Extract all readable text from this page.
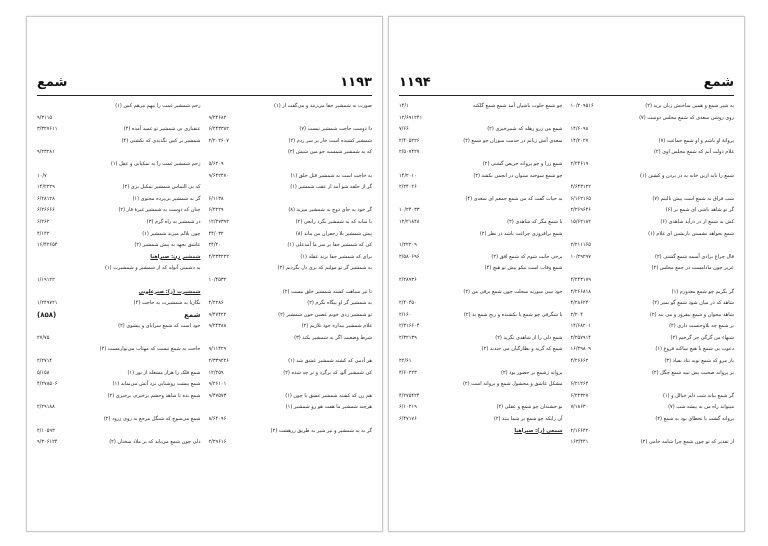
شمع	۱۱۹۳
صورت نه شمشیر جفا می‌زنند و می‌گفت از (۱)
۹/۲۴۶۸۲
دا دوست حاجت شمشیر نیست (۷)
۶/۲۴۳۳۸۲
شمشیر کشیده است خار بر سر زدم (۲)
۲/۲۰۲۶۰۷
که به شمشیر شمسیه جو مین شیش (۲)
۵/۶۲۰۹
به حاجت است به شمشیر قتل خلق (۱)
۹/۶۴۲۴۷۰
گر از حلقه شو آمد ار عقب شمشیر (۱)
۶/۱۱۳۸
گر خود به جای دوچ به شمشیر میزند (۸)
۶/۲۲۲۹
با سابه که به شمشیر بگزد رابعی (۲)
۱۲/۲۷۳۹۲
پیش شمشیر بلا زجفران من ماند (۸)
۴۴/۰۳۲
کی که شمشیر جفا بر سر ما آمدعلی (۱)
۲۴/۲۰
برای که شمشیر جفا بزند عقله (۱)
۴/۲۳۳۲۲۲
به شمشیر گر تو مولیم که بری دل بگردیم (۲)
۱۰/۴۵۳۲
تا تیر سیاهت کشته شمشیر خلق نیست (۲)
به شمشیر گر او بیگاه نگرم (۲)
۴/۲۲۸۶
تو شمشیر زدی خونم غضبن خون شمشیر (۲)
۹/۴۷۴۲۲
غلام شمشیر بیداره خود نلازیم (۲)
۹/۲۴۳۸۸
شرط وضعیت اگر به شمشیر بکند (۳)
۹/۱۱۴۲۹
هر آدمی که کشته شمشیر عشق شد (۱)
۲/۳۳۹۲۲۶
کی شمشیر آلو، که برگرد و تر چه شده (۲)
۱۲/۲۵۹
۹/۲۶۱۰۱
هم زن که کشته شمشیر غشق با چون (۱)
۹/۴۷۵۷۳
هرچند شمشیر ما هفت هو رو شمشیر (۱)
۸/۶۴۰۹۶
گر به به شمشیر و تیر شیر به طریق زرهشت (۲)
۲/۲۹۶۱۶
زخم شمشیر غمت را نپهم مرهم کس (۱)
۹/۳۱۱۵
عنقبازی بی شمشیر تو غمید آمده (۴)
۳/۳۲۷۶۱۱
شمشیر بر کس نگذیدی که نکشتی (۴)
۹/۲۳۲۸۱
زخم شمشیر غمت را به تمکیابی و عقل (۱)
۱۰/۷
که بی التماس شمشیر تمکیل بزی (۲)
۱۴/۲۲۲۹
گر نه شمشیر بی‌پرده محتوی (۱)
۶/۲۸۱۲۸
چنان که دوست به شمشیر غیرهٔ قار (۲)
۶/۲۶۶۶۶
در شمشیر به راه گرم (۳)
۶/۲۶۲
چون بلالم میزند شمشیر (۱)
۴/۱۴۲
عاشق بجهد به پیش شمشیر (۲)
۱۶/۴۲۶۵۴
شمشیر زن: صبراهیا
به دشمنی آنوله که از شمشیر و شمشیرت (۱)
۱/۱۹۱۲۲
شمشیرت (ز): صبرعلونی
نگاربا به شمشیرت به حاجت (۴)
۱/۲۴۹۷۲۱
شمع
(۸۵۸)
خود است که شمع سرایای و پیشوی (۲)
۲۷/۷۵
حاجت به شمع نیست که مهتاب می‌نوازمست (۲)
۲/۲۷۱۴
شمع فلک را هزار مشعله از نور (۱)
۵/۱۵۸
شمع پیشت روشنایی نزد آتش می‌نماید (۱)
۴/۲۷۸۵۰۶
شمع بده تا شاهد وحشم برخیزم، برخیزی (۲)
۲/۲۹۱۸۸
شمع می‌سوچ که شنگل مرجع به روی زرود (۲)
۴/۱۰۵۹۳
دلی چون شمع می‌باید که بر ملاد سختان (۲)
۹/۳۰۶۱۲۴
شمع
۱۱۹۴
به شیر شمع و همین ساختش زبان برید (۲)
۱۰/۲۰۹۵۱۶
روی روشن سعدی که شمع مجلس دوست (۷)
۱۴/۶۰۹۸
پروانهٔ او باشم و او شمع جماعت (۷)
۱۴/۲۰۲۷
غلام دولت آنم که شمع مجلس اوی (۲)
۲/۲۴۶۱۹
شمع را باید ازین خانه به در بردن و کشتن (۱)
۴/۶۴۳۱۲۲
شب فراق نه شمع است پیش بالینم (۷)
۶/۱۶۲۱۶۵
گر تو شاهد باشی ای شمع بر (۶)
۲/۲۶۹۶۴۶
کش به شمع از در درآید شاهدی (۶)
۱۵/۶۲۱۸۲
شمع بخواهد نشستن بازنشین ای غلام (۱)
۲/۲۱۱۱۶۵
قال چراغ برادی آسمه شمع گشتی (۲)
۱۰/۲۹۲۹۷
عزیز چون مادامست در جمع مجلس (۲)
۴/۲۴۳۱۷۹
گر بگریم چو شمع معذورم (۱)
۴/۲۶۶۸۱۸
شاهد که در میان شود شمع گو بمیر (۲)
۴/۲۸۶۲۴
شاهد بیجوان و شمع بیفروز و می بنه (۲)
۲/۲۰۴
بر شمع چه بلاوحنست داری (۲)
۱۴/۶۸۲۰۱
شبهاء من گرگی جز گرجیم (۲)
۲/۲۵۷۹۱۴
دعوت بی شمع با هیچ ساکنه فروغ (۱)
۱۶/۲۹۸۰۹
بار مرو که شمع نوبه نتاد بفیاد (۳)
۴/۲۶۶۶۲
بر پروانه صحبت پش ثبیه شمع چگل (۲)
۶/۲۱۲۶۴
گر شمع بباند شب دلم خیالل و (۱)
۶/۲۴۳۲۷
میتواند راه من به بیشه شب (۷)
۷/۱۸۶۳۰
پروانه گشت با نخطای بود به شمع (۲)
۲/۱۶۶۴۲۰
از تقدیر که تو چون شمع چرا شامه خامی (۲)
۱۶۳/۴۴۱
چو شمع خلوت باشیان آمد شمع شمع گلکنه
۱۴/۱
۱۲/۶۹۱۲۴۱
شمع من زرو رهله که شبیرخیزی (۲)
۷/۶۶
سعدی آتش زبانم در خدمت سوزان چو شمع (۲)
۲/۴۰۵۲۲۶
۲/۵۰۷۴۲۷
شمع زرا و چو پروانه حریص گشتی (۲)
چو شمع سوخته ستوان در انجمن بکشد (۲)
۱۴/۲۰۱۰
۲/۲۴۰۲۶
به حیات گفت که من شمع جمعم ای سعدی (۴)
۱۰/۲۴۰۳۳
با شمع مگر که شاهدی (۲)
۱۲/۲۱۸۴۸
شمع برافروزی چراغت باشد در نظر (۲)
۱/۲۲۲۰۹
برخی جانت شوم که شمع افق (۲)
۲/۵۸۰۶۹۶
شمع وفاب است نیکو پیش تو هیچ (۴)
۲/۲۸۹۳۶
خود سی سوزنه سجلت چون شمع برقی من (۲)
۲/۴۰۴۵۰
با شگرفی چو شمع یا بکشنده و ربح شمع پد (۲)
۲/۱۶۰
۲/۳۱۶۶۰۴
شمع دلی را از شاهدی نگرید (۲)
۲/۳۲۱۳۹
شمع که گریه و نظارگیان می خندند (۲)
۲۲/۶۱
پروانه زشمع بر حضور بود (۲)
۴/۶۰۲۲۳
مشکل عاشق و محشول شمع و پروانه است (۲)
۴/۲۷۵۴۲۴
نو خشندان چو شمع و عقلی (۲)
۶/۱۰۲۱۹
آن رایکه چو شمع بر شما بیند (۲)
۶/۴۷۱۷۶
شمعی (ز): صبراهیا
